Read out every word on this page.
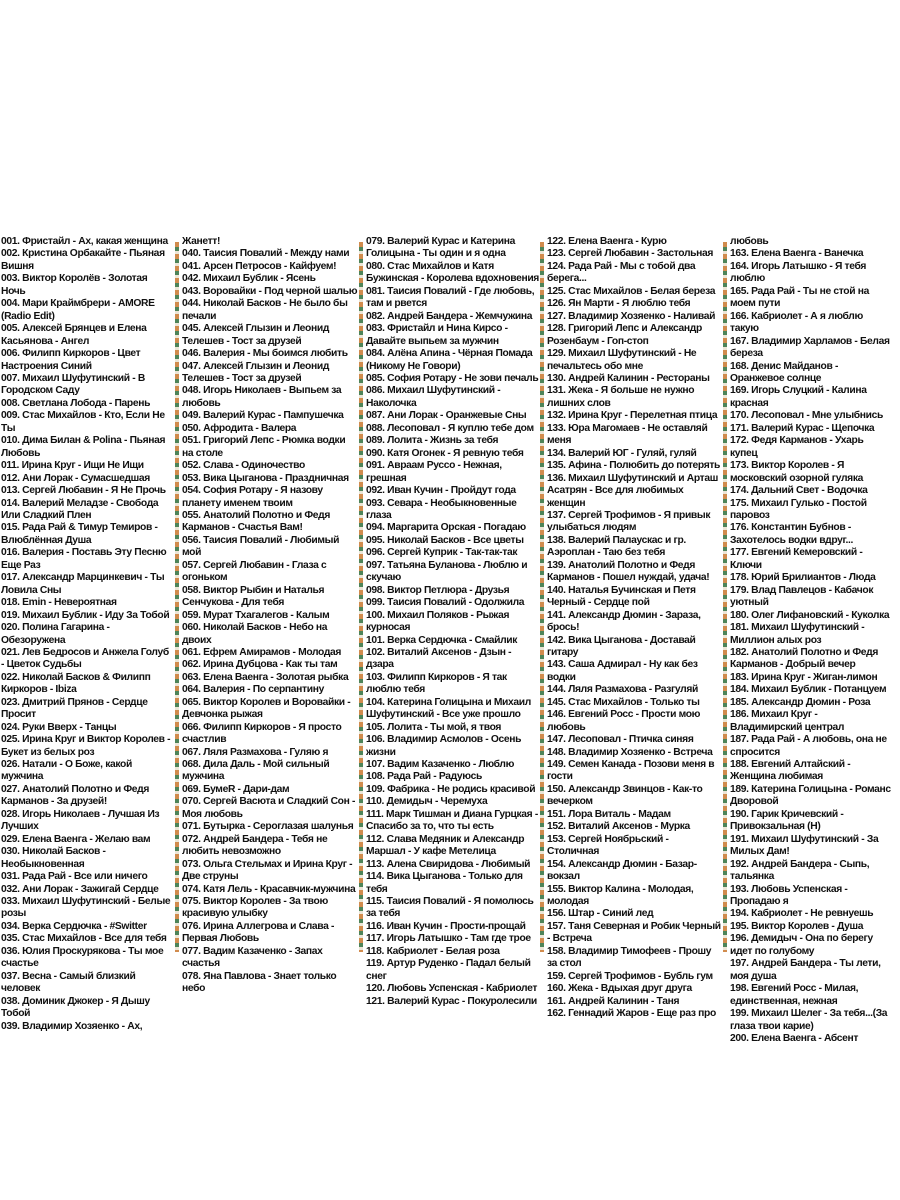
001. Фристайл - Ах, какая женщина
002. Кристина Орбакайте - Пьяная Вишня
003. Виктор Королёв - Золотая Ночь
004. Мари Краймбрери - AMORE (Radio Edit)
005. Алексей Брянцев и Елена Касьянова - Ангел
006. Филипп Киркоров - Цвет Настроения Синий
007. Михаил Шуфутинский - В Городском Саду
008. Светлана Лобода - Парень
009. Стас Михайлов - Кто, Если Не Ты
010. Дима Билан & Polina - Пьяная Любовь
011. Ирина Круг - Ищи Не Ищи
012. Ани Лорак - Сумасшедшая
013. Сергей Любавин - Я Не Прочь
014. Валерий Меладзе - Свобода Или Сладкий Плен
015. Рада Рай & Тимур Темиров - Влюблённая Душа
016. Валерия - Поставь Эту Песню Еще Раз
017. Александр Марцинкевич - Ты Ловила Сны
018. Emin - Невероятная
019. Михаил Бублик - Иду За Тобой
020. Полина Гагарина - Обезоружена
021. Лев Бедросов и Анжела Голуб - Цветок Судьбы
022. Николай Басков & Филипп Киркоров - Ibiza
023. Дмитрий Прянов - Сердце Просит
024. Руки Вверх - Танцы
025. Ирина Круг и Виктор Королев - Букет из белых роз
026. Натали - О Боже, какой мужчина
027. Анатолий Полотно и Федя Карманов - За друзей!
028. Игорь Николаев - Лучшая Из Лучших
029. Елена Ваенга - Желаю вам
030. Николай Басков - Необыкновенная
031. Рада Рай - Все или ничего
032. Ани Лорак - Зажигай Сердце
033. Михаил Шуфутинский - Белые розы
034. Верка Сердючка - #Switter
035. Стас Михайлов - Все для тебя
036. Юлия Проскурякова - Ты мое счастье
037. Весна - Самый близкий человек
038. Доминик Джокер - Я Дышу Тобой
039. Владимир Хозяенко - Ах,
Жанетт!
040. Таисия Повалий - Между нами
041. Арсен Петросов - Кайфуем!
042. Михаил Бублик - Ясень
043. Воровайки - Под черной шалью
044. Николай Басков - Не было бы печали
045. Алексей Глызин и Леонид Телешев - Тост за друзей
046. Валерия - Мы боимся любить
047. Алексей Глызин и Леонид Телешев - Тост за друзей
048. Игорь Николаев - Выпьем за любовь
049. Валерий Курас - Пампушечка
050. Афродита - Валера
051. Григорий Лепс - Рюмка водки на столе
052. Слава - Одиночество
053. Вика Цыганова - Праздничная
054. София Ротару - Я назову планету именем твоим
055. Анатолий Полотно и Федя Карманов - Счастья Вам!
056. Таисия Повалий - Любимый мой
057. Сергей Любавин - Глаза с огоньком
058. Виктор Рыбин и Наталья Сенчукова - Для тебя
059. Мурат Тхагалегов - Калым
060. Николай Басков - Небо на двоих
061. Ефрем Амирамов - Молодая
062. Ирина Дубцова - Как ты там
063. Елена Ваенга - Золотая рыбка
064. Валерия - По серпантину
065. Виктор Королев и Воровайки - Девчонка рыжая
066. Филипп Киркоров - Я просто счастлив
067. Ляля Размахова - Гуляю я
068. Дилa Даль - Мой сильный мужчина
069. БумеR - Дари-дам
070. Сергей Васюта и Сладкий Сон - Моя любовь
071. Бутырка - Сероглазая шалунья
072. Андрей Бандера - Тебя не любить невозможно
073. Ольга Стельмах и Ирина Круг - Две струны
074. Катя Лель - Красавчик-мужчина
075. Виктор Королев - За твою красивую улыбку
076. Ирина Аллегрова и Слава - Первая Любовь
077. Вадим Казаченко - Запах счастья
078. Яна Павлова - Знает только небо
079. Валерий Курас и Катерина Голицына - Ты один и я одна
080. Стас Михайлов и Катя Бужинская - Королева вдохновения
081. Таисия Повалий - Где любовь, там и рвется
082. Андрей Бандера - Жемчужина
083. Фристайл и Нина Кирсо - Давайте выпьем за мужчин
084. Алёна Апина - Чёрная Помада (Никому Не Говори)
085. София Ротару - Не зови печаль
086. Михаил Шуфутинский - Наколочка
087. Ани Лорак - Оранжевые Сны
088. Лесоповал - Я куплю тебе дом
089. Лолита - Жизнь за тебя
090. Катя Огонек - Я ревную тебя
091. Авраам Руссо - Нежная, грешная
092. Иван Кучин - Пройдут года
093. Севара - Необыкновенные глаза
094. Маргарита Орская - Погадаю
095. Николай Басков - Все цветы
096. Сергей Куприк - Так-так-так
097. Татьяна Буланова - Люблю и скучаю
098. Виктор Петлюра - Друзья
099. Таисия Повалий - Одолжила
100. Михаил Поляков - Рыжая курносая
101. Верка Сердючка - Смайлик
102. Виталий Аксенов - Дзын - дзара
103. Филипп Киркоров - Я так люблю тебя
104. Катерина Голицына и Михаил Шуфутинский - Все уже прошло
105. Лолита - Ты мой, я твоя
106. Владимир Асмолов - Осень жизни
107. Вадим Казаченко - Люблю
108. Рада Рай - Радуюсь
109. Фабрика - Не родись красивой
110. Демидыч - Черемуха
111. Марк Тишман и Диана Гурцкая - Спасибо за то, что ты есть
112. Слава Медяник и Александр Маршал - У кафе Метелица
113. Алена Свиридова - Любимый
114. Вика Цыганова - Только для тебя
115. Таисия Повалий - Я помолюсь за тебя
116. Иван Кучин - Прости-прощай
117. Игорь Латышко - Там где трое
118. Кабриолет - Белая роза
119. Артур Руденко - Падал белый снег
120. Любовь Успенская - Кабриолет
121. Валерий Курас - Покуролесили
122. Елена Ваенга - Курю
123. Сергей Любавин - Застольная
124. Рада Рай - Мы с тобой два берега...
125. Стас Михайлов - Белая береза
126. Ян Марти - Я люблю тебя
127. Владимир Хозяенко - Наливай
128. Григорий Лепс и Александр Розенбаум - Гоп-стоп
129. Михаил Шуфутинский - Не печальтесь обо мне
130. Андрей Калинин - Рестораны
131. Жека - Я больше не нужно лишних слов
132. Ирина Круг - Перелетная птица
133. Юра Магомаев - Не оставляй меня
134. Валерий ЮГ - Гуляй, гуляй
135. Афина - Полюбить до потерять
136. Михаил Шуфутинский и Арташ Асатрян - Все для любимых женщин
137. Сергей Трофимов - Я привык улыбаться людям
138. Валерий Палаускас и гр. Аэроплан - Таю без тебя
139. Анатолий Полотно и Федя Карманов - Пошел нуждай, удача!
140. Наталья Бучинская и Петя Черный - Сердце пой
141. Александр Дюмин - Зараза, брось!
142. Вика Цыганова - Доставай гитару
143. Саша Адмирал - Ну как без водки
144. Ляля Размахова - Разгуляй
145. Стас Михайлов - Только ты
146. Евгений Росс - Прости мою любовь
147. Лесоповал - Птичка синяя
148. Владимир Хозяенко - Встреча
149. Семен Канада - Позови меня в гости
150. Александр Звинцов - Как-то вечерком
151. Лора Виталь - Мадам
152. Виталий Аксенов - Мурка
153. Сергей Ноябрьский - Столичная
154. Александр Дюмин - Базар-вокзал
155. Виктор Калина - Молодая, молодая
156. Штар - Синий лед
157. Таня Северная и Робик Черный - Встреча
158. Владимир Тимофеев - Прошу за стол
159. Сергей Трофимов - Бубль гум
160. Жека - Вдыхая друг друга
161. Андрей Калинин - Таня
162. Геннадий Жаров - Еще раз про
любовь
163. Елена Ваенга - Ванечка
164. Игорь Латышко - Я тебя люблю
165. Рада Рай - Ты не стой на моем пути
166. Кабриолет - А я люблю такую
167. Владимир Харламов - Белая береза
168. Денис Майданов - Оранжевое солнце
169. Игорь Слуцкий - Калина красная
170. Лесоповал - Мне улыбнись
171. Валерий Курас - Щепочка
172. Федя Карманов - Ухарь купец
173. Виктор Королев - Я московский озорной гуляка
174. Дальний Свет - Водочка
175. Михаил Гулько - Постой паровоз
176. Константин Бубнов - Захотелось водки вдруг...
177. Евгений Кемеровский - Ключи
178. Юрий Брилиантов - Люда
179. Влад Павлецов - Кабачок уютный
180. Олег Лифановский - Куколка
181. Михаил Шуфутинский - Миллион алых роз
182. Анатолий Полотно и Федя Карманов - Добрый вечер
183. Ирина Круг - Жиган-лимон
184. Михаил Бублик - Потанцуем
185. Александр Дюмин - Роза
186. Михаил Круг - Владимирский централ
187. Рада Рай - А любовь, она не спросится
188. Евгений Алтайский - Женщина любимая
189. Катерина Голицына - Романс Дворовой
190. Гарик Кричевский - Привокзальная (Н)
191. Михаил Шуфутинский - За Милых Дам!
192. Андрей Бандера - Сыпь, тальянка
193. Любовь Успенская - Пропадаю я
194. Кабриолет - Не ревнуешь
195. Виктор Королев - Душа
196. Демидыч - Она по берегу идет по голубому
197. Андрей Бандера - Ты лети, моя душа
198. Евгений Росс - Милая, единственная, нежная
199. Михаил Шелег - За тебя...(За глаза твои карие)
200. Елена Ваенга - Абсент
